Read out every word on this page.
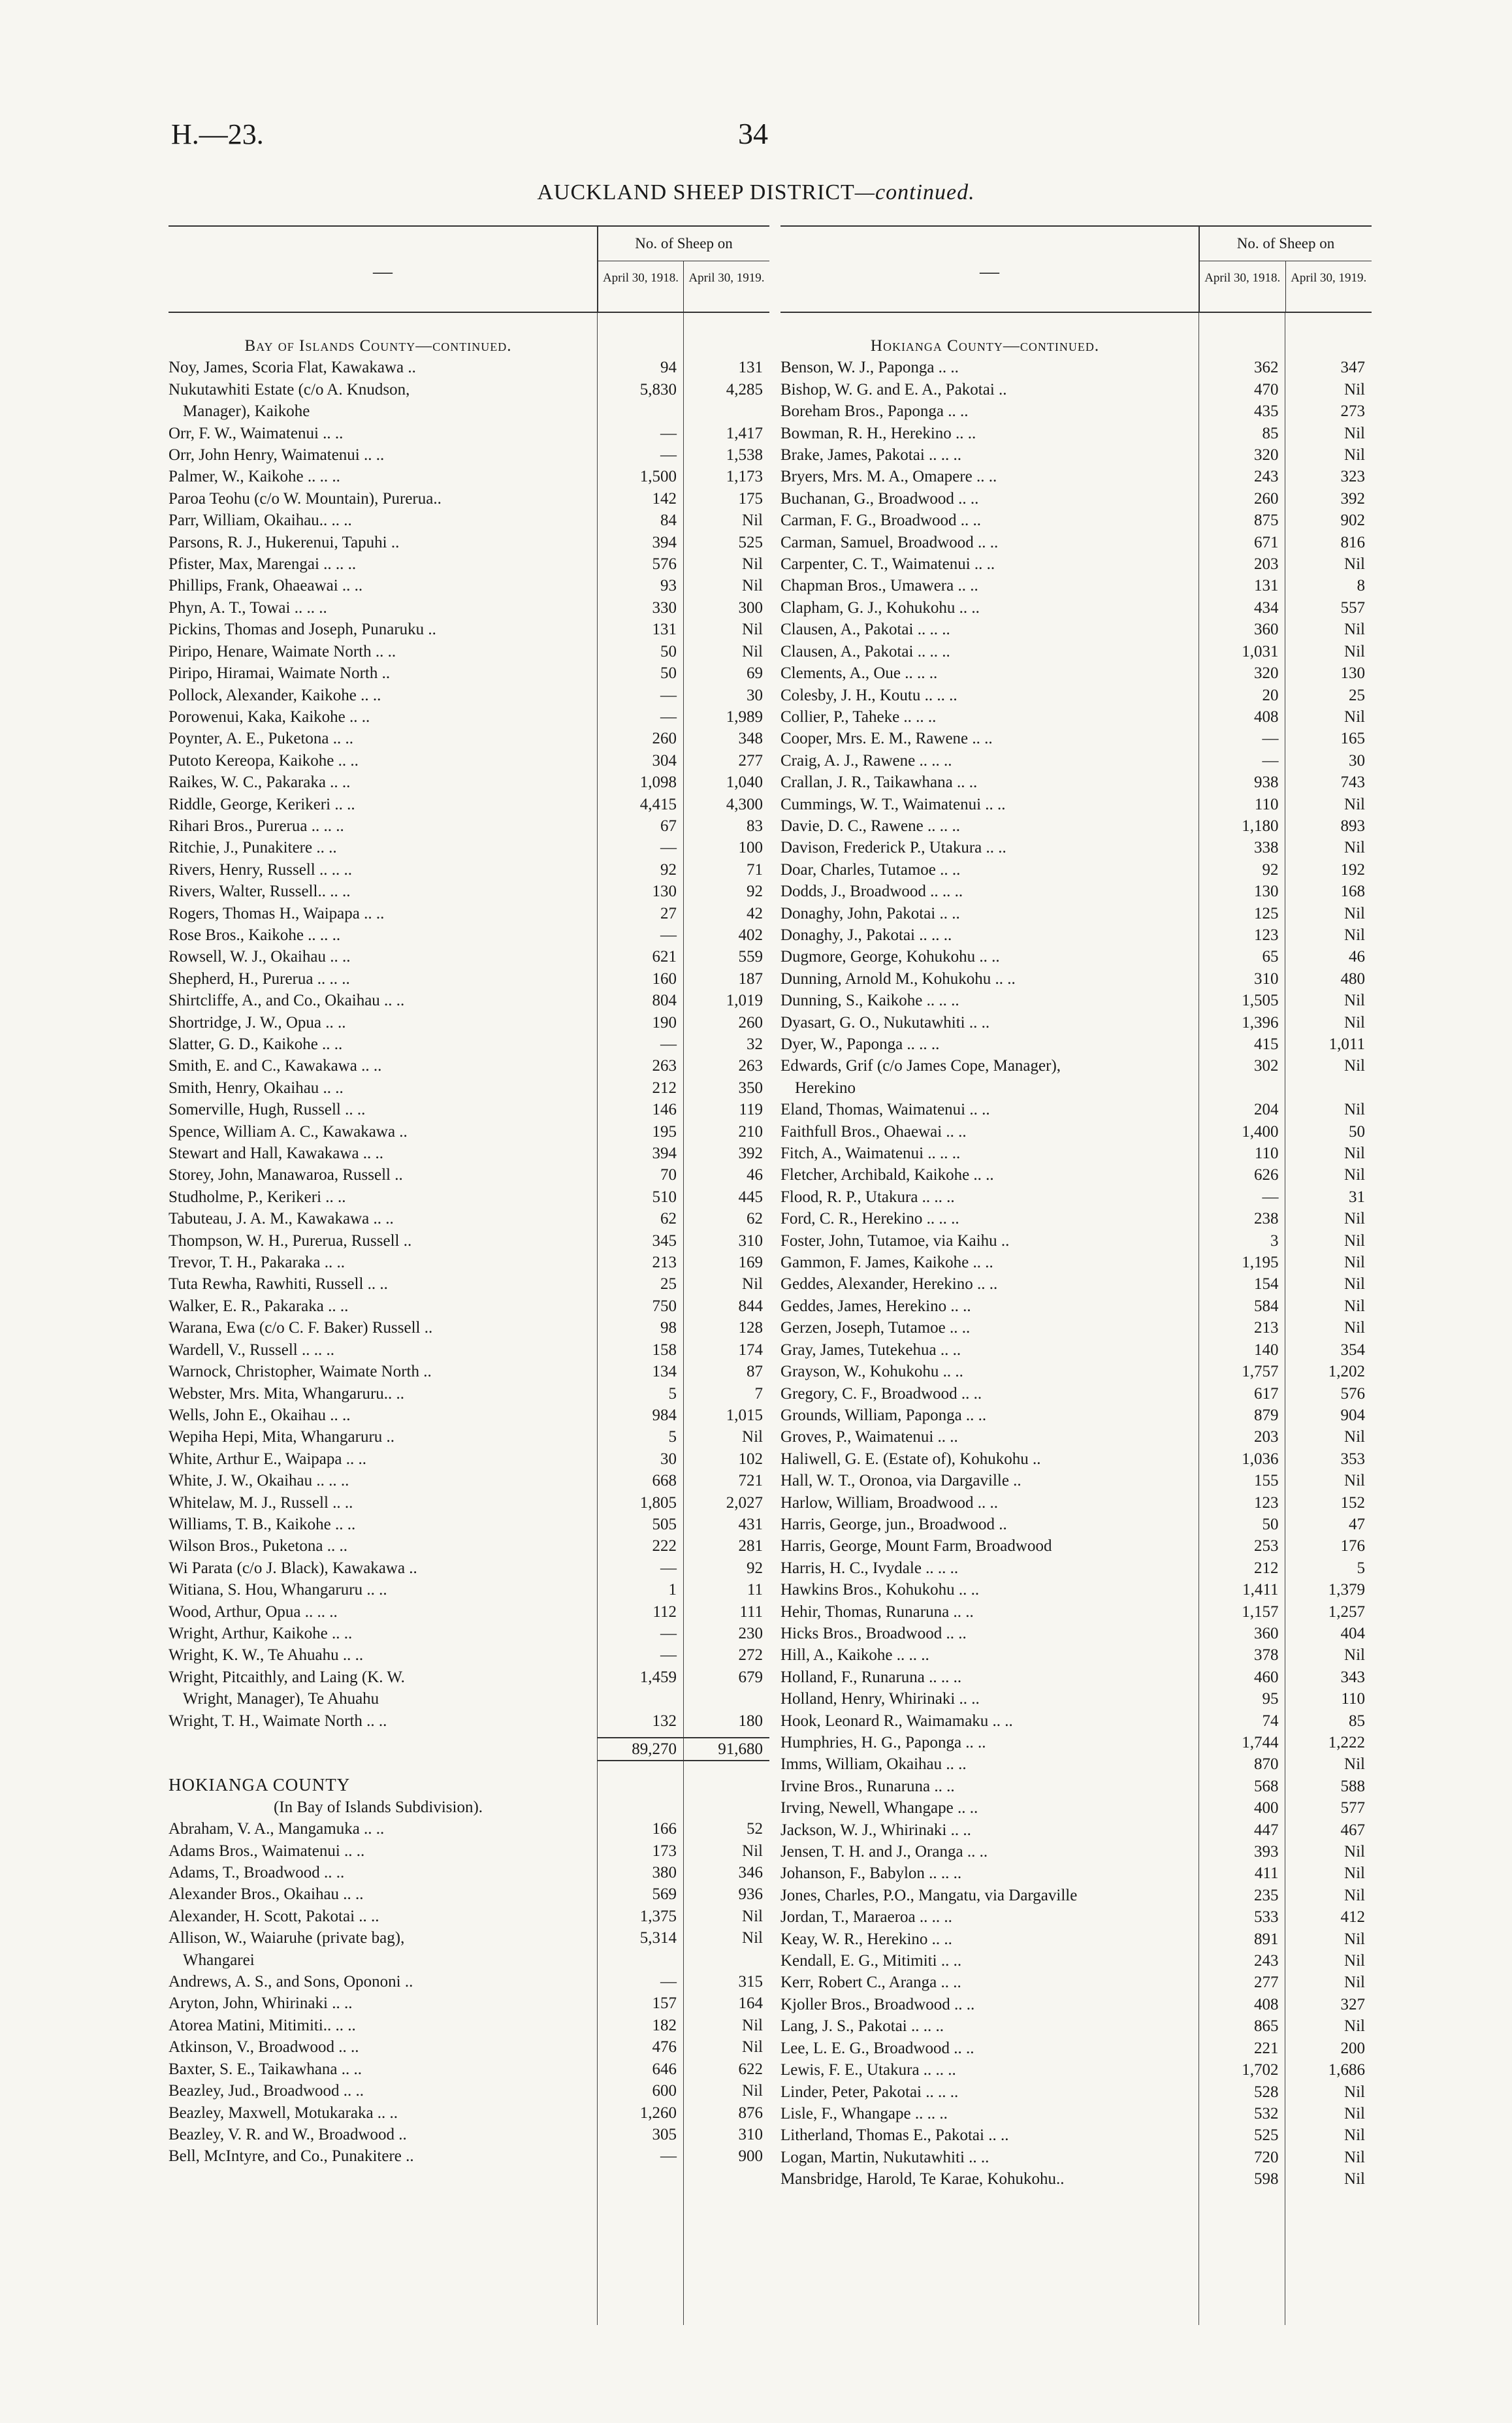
H.—23.	34
AUCKLAND SHEEP DISTRICT—continued.
—
No. of Sheep on
April 30, 1918. April 30, 1919.
Bay of Islands County—continued.
Noy, James, Scoria Flat, Kawakawa ..	94	131
Nukutawhiti Estate (c/o A. Knudson,	5,830	4,285
Manager), Kaikohe
Orr, F. W., Waimatenui .. ..	—	1,417
Orr, John Henry, Waimatenui .. ..	—	1,538
Palmer, W., Kaikohe .. .. ..	1,500	1,173
Paroa Teohu (c/o W. Mountain), Pureruа..	142	175
Parr, William, Okaihau.. .. ..	84	Nil
Parsons, R. J., Hukerenui, Tapuhi ..	394	525
Pfister, Max, Marengai .. .. ..	576	Nil
Phillips, Frank, Ohaeawai .. ..	93	Nil
Phyn, A. T., Towai .. .. ..	330	300
Pickins, Thomas and Joseph, Punaruku ..	131	Nil
Piripo, Henare, Waimate North .. ..	50	Nil
Piripo, Hiramai, Waimate North ..	50	69
Pollock, Alexander, Kaikohe .. ..	—	30
Porowenui, Kaka, Kaikohe .. ..	—	1,989
Poynter, A. E., Puketona .. ..	260	348
Putoto Kereopa, Kaikohe .. ..	304	277
Raikes, W. C., Pakaraka .. ..	1,098	1,040
Riddle, George, Kerikeri .. ..	4,415	4,300
Rihari Bros., Pureruа .. .. ..	67	83
Ritchie, J., Punakitere .. ..	—	100
Rivers, Henry, Russell .. .. ..	92	71
Rivers, Walter, Russell.. .. ..	130	92
Rogers, Thomas H., Waipapa .. ..	27	42
Rose Bros., Kaikohe .. .. ..	—	402
Rowsell, W. J., Okaihau .. ..	621	559
Shepherd, H., Pureruа .. .. ..	160	187
Shirtcliffe, A., and Co., Okaihau .. ..	804	1,019
Shortridge, J. W., Opua .. ..	190	260
Slatter, G. D., Kaikohe .. ..	—	32
Smith, E. and C., Kawakawa .. ..	263	263
Smith, Henry, Okaihau .. ..	212	350
Somerville, Hugh, Russell .. ..	146	119
Spence, William A. C., Kawakawa ..	195	210
Stewart and Hall, Kawakawa .. ..	394	392
Storey, John, Manawaroa, Russell ..	70	46
Studholme, P., Kerikeri .. ..	510	445
Tabuteau, J. A. M., Kawakawa .. ..	62	62
Thompson, W. H., Pureruа, Russell ..	345	310
Trevor, T. H., Pakaraka .. ..	213	169
Tuta Rewha, Rawhiti, Russell .. ..	25	Nil
Walker, E. R., Pakaraka .. ..	750	844
Warana, Ewa (c/o C. F. Baker) Russell ..	98	128
Wardell, V., Russell .. .. ..	158	174
Warnock, Christopher, Waimate North ..	134	87
Webster, Mrs. Mita, Whangaruru.. ..	5	7
Wells, John E., Okaihau .. ..	984	1,015
Wepiha Hepi, Mita, Whangaruru ..	5	Nil
White, Arthur E., Waipapa .. ..	30	102
White, J. W., Okaihau .. .. ..	668	721
Whitelaw, M. J., Russell .. ..	1,805	2,027
Williams, T. B., Kaikohe .. ..	505	431
Wilson Bros., Puketona .. ..	222	281
Wi Parata (c/o J. Black), Kawakawa ..	—	92
Witiana, S. Hou, Whangaruru .. ..	1	11
Wood, Arthur, Opua .. .. ..	112	111
Wright, Arthur, Kaikohe .. ..	—	230
Wright, K. W., Te Ahuahu .. ..	—	272
Wright, Pitcaithly, and Laing (K. W.	1,459	679
Wright, Manager), Te Ahuahu
Wright, T. H., Waimate North .. ..	132	180
89,270	91,680
HOKIANGA COUNTY
(In Bay of Islands Subdivision).
Abraham, V. A., Mangamuka .. ..	166	52
Adams Bros., Waimatenui .. ..	173	Nil
Adams, T., Broadwood .. ..	380	346
Alexander Bros., Okaihau .. ..	569	936
Alexander, H. Scott, Pakotai .. ..	1,375	Nil
Allison, W., Waiaruhe (private bag),	5,314	Nil
Whangarei
Andrews, A. S., and Sons, Opononi ..	—	315
Aryton, John, Whirinaki .. ..	157	164
Atorea Matini, Mitimiti.. .. ..	182	Nil
Atkinson, V., Broadwood .. ..	476	Nil
Baxter, S. E., Taikawhana .. ..	646	622
Beazley, Jud., Broadwood .. ..	600	Nil
Beazley, Maxwell, Motukaraka .. ..	1,260	876
Beazley, V. R. and W., Broadwood ..	305	310
Bell, McIntyre, and Co., Punakitere ..	—	900
—
No. of Sheep on
April 30, 1918. April 30, 1919.
Hokianga County—continued.
Benson, W. J., Paponga .. ..	362	347
Bishop, W. G. and E. A., Pakotai ..	470	Nil
Boreham Bros., Paponga .. ..	435	273
Bowman, R. H., Herekino .. ..	85	Nil
Brake, James, Pakotai .. .. ..	320	Nil
Bryers, Mrs. M. A., Omapere .. ..	243	323
Buchanan, G., Broadwood .. ..	260	392
Carman, F. G., Broadwood .. ..	875	902
Carman, Samuel, Broadwood .. ..	671	816
Carpenter, C. T., Waimatenui .. ..	203	Nil
Chapman Bros., Umawera .. ..	131	8
Clapham, G. J., Kohukohu .. ..	434	557
Clausen, A., Pakotai .. .. ..	360	Nil
Clausen, A., Pakotai .. .. ..	1,031	Nil
Clements, A., Oue .. .. ..	320	130
Colesby, J. H., Koutu .. .. ..	20	25
Collier, P., Taheke .. .. ..	408	Nil
Cooper, Mrs. E. M., Rawene .. ..	—	165
Craig, A. J., Rawene .. .. ..	—	30
Crallan, J. R., Taikawhana .. ..	938	743
Cummings, W. T., Waimatenui .. ..	110	Nil
Davie, D. C., Rawene .. .. ..	1,180	893
Davison, Frederick P., Utakura .. ..	338	Nil
Doar, Charles, Tutamoe .. ..	92	192
Dodds, J., Broadwood .. .. ..	130	168
Donaghy, John, Pakotai .. ..	125	Nil
Donaghy, J., Pakotai .. .. ..	123	Nil
Dugmore, George, Kohukohu .. ..	65	46
Dunning, Arnold M., Kohukohu .. ..	310	480
Dunning, S., Kaikohe .. .. ..	1,505	Nil
Dyasart, G. O., Nukutawhiti .. ..	1,396	Nil
Dyer, W., Paponga .. .. ..	415	1,011
Edwards, Grif (c/o James Cope, Manager),	302	Nil
Herekino
Eland, Thomas, Waimatenui .. ..	204	Nil
Faithfull Bros., Ohaewai .. ..	1,400	50
Fitch, A., Waimatenui .. .. ..	110	Nil
Fletcher, Archibald, Kaikohe .. ..	626	Nil
Flood, R. P., Utakura .. .. ..	—	31
Ford, C. R., Herekino .. .. ..	238	Nil
Foster, John, Tutamoe, via Kaihu ..	3	Nil
Gammon, F. James, Kaikohe .. ..	1,195	Nil
Geddes, Alexander, Herekino .. ..	154	Nil
Geddes, James, Herekino .. ..	584	Nil
Gerzen, Joseph, Tutamoe .. ..	213	Nil
Gray, James, Tutekehua .. ..	140	354
Grayson, W., Kohukohu .. ..	1,757	1,202
Gregory, C. F., Broadwood .. ..	617	576
Grounds, William, Paponga .. ..	879	904
Groves, P., Waimatenui .. ..	203	Nil
Haliwell, G. E. (Estate of), Kohukohu ..	1,036	353
Hall, W. T., Oronoa, via Dargaville ..	155	Nil
Harlow, William, Broadwood .. ..	123	152
Harris, George, jun., Broadwood ..	50	47
Harris, George, Mount Farm, Broadwood	253	176
Harris, H. C., Ivydale .. .. ..	212	5
Hawkins Bros., Kohukohu .. ..	1,411	1,379
Hehir, Thomas, Runaruna .. ..	1,157	1,257
Hicks Bros., Broadwood .. ..	360	404
Hill, A., Kaikohe .. .. ..	378	Nil
Holland, F., Runaruna .. .. ..	460	343
Holland, Henry, Whirinaki .. ..	95	110
Hook, Leonard R., Waimamaku .. ..	74	85
Humphries, H. G., Paponga .. ..	1,744	1,222
Imms, William, Okaihau .. ..	870	Nil
Irvine Bros., Runaruna .. ..	568	588
Irving, Newell, Whangape .. ..	400	577
Jackson, W. J., Whirinaki .. ..	447	467
Jensen, T. H. and J., Oranga .. ..	393	Nil
Johanson, F., Babylon .. .. ..	411	Nil
Jones, Charles, P.O., Mangatu, via Dargaville	235	Nil
Jordan, T., Maraeroa .. .. ..	533	412
Keay, W. R., Herekino .. ..	891	Nil
Kendall, E. G., Mitimiti .. ..	243	Nil
Kerr, Robert C., Aranga .. ..	277	Nil
Kjoller Bros., Broadwood .. ..	408	327
Lang, J. S., Pakotai .. .. ..	865	Nil
Lee, L. E. G., Broadwood .. ..	221	200
Lewis, F. E., Utakura .. .. ..	1,702	1,686
Linder, Peter, Pakotai .. .. ..	528	Nil
Lisle, F., Whangape .. .. ..	532	Nil
Litherland, Thomas E., Pakotai .. ..	525	Nil
Logan, Martin, Nukutawhiti .. ..	720	Nil
Mansbridge, Harold, Te Karae, Kohukohu..	598	Nil
